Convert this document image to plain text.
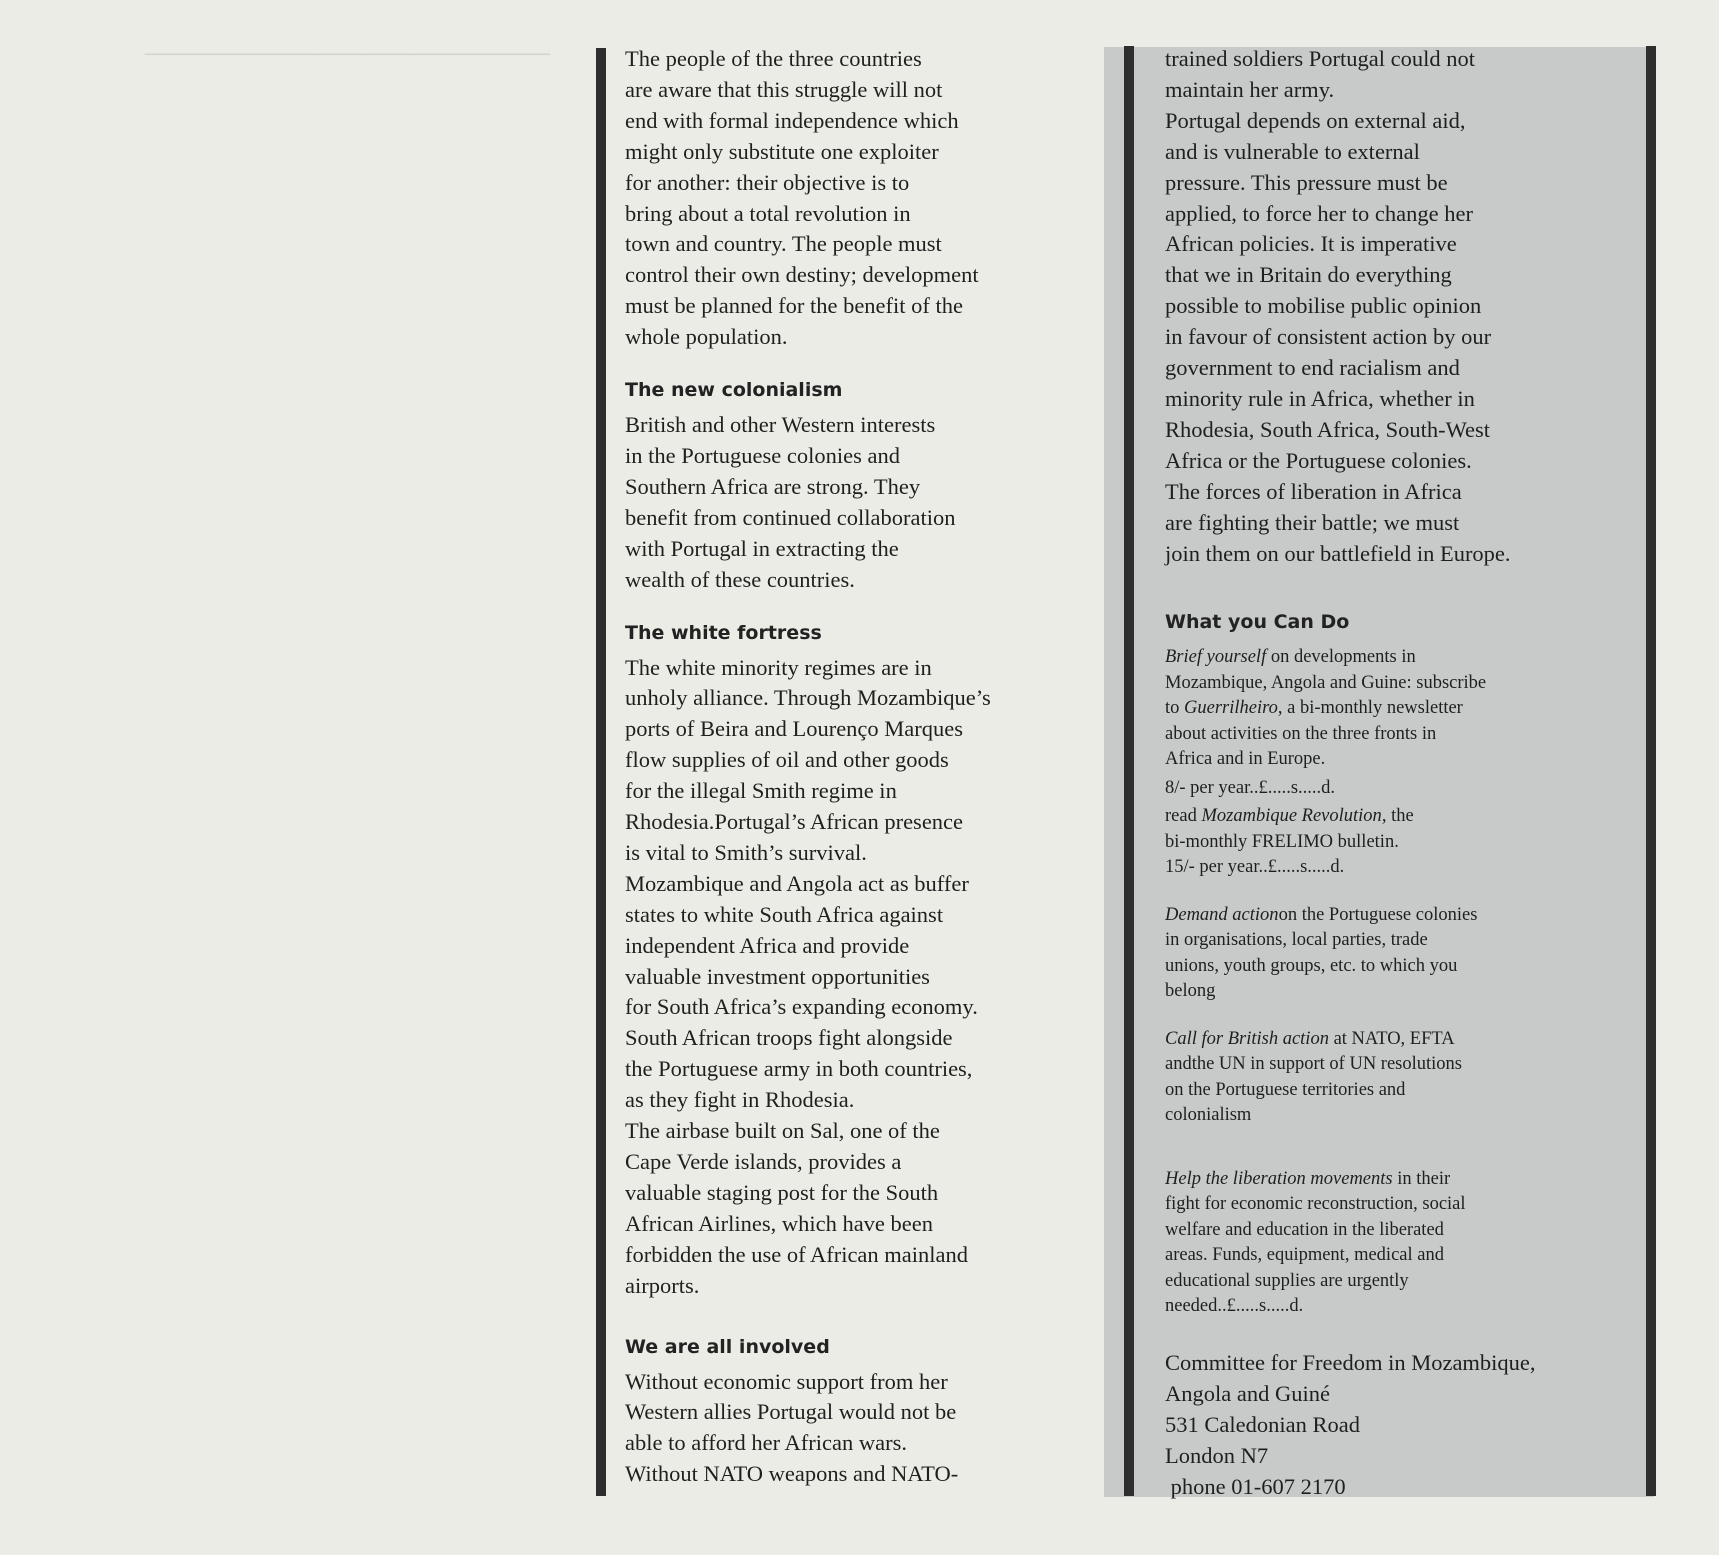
──────────────────────────	The people of the three countries

are aware that this struggle will not

end with formal independence which

might only substitute one exploiter

for another: their objective is to

bring about a total revolution in

town and country. The people must

control their own destiny; development

must be planned for the benefit of the

whole population.

The new colonialism

British and other Western interests

in the Portuguese colonies and

Southern Africa are strong. They

benefit from continued collaboration

with Portugal in extracting the

wealth of these countries.

The white fortress

The white minority regimes are in

unholy alliance. Through Mozambique’s

ports of Beira and Lourenço Marques

flow supplies of oil and other goods

for the illegal Smith regime in

Rhodesia.Portugal’s African presence

is vital to Smith’s survival.

Mozambique and Angola act as buffer

states to white South Africa against

independent Africa and provide

valuable investment opportunities

for South Africa’s expanding economy.

South African troops fight alongside

the Portuguese army in both countries,

as they fight in Rhodesia.

The airbase built on Sal, one of the

Cape Verde islands, provides a

valuable staging post for the South

African Airlines, which have been

forbidden the use of African mainland

airports.

We are all involved

Without economic support from her

Western allies Portugal would not be

able to afford her African wars.

Without NATO weapons and NATO-

trained soldiers Portugal could not

maintain her army.

Portugal depends on external aid,

and is vulnerable to external

pressure. This pressure must be

applied, to force her to change her

African policies. It is imperative

that we in Britain do everything

possible to mobilise public opinion

in favour of consistent action by our

government to end racialism and

minority rule in Africa, whether in

Rhodesia, South Africa, South-West

Africa or the Portuguese colonies.

The forces of liberation in Africa

are fighting their battle; we must

join them on our battlefield in Europe.

What you Can Do

Brief yourself on developments in

Mozambique, Angola and Guine: subscribe

to Guerrilheiro, a bi-monthly newsletter

about activities on the three fronts in

Africa and in Europe.

8/- per year..£.....s.....d.

read Mozambique Revolution, the

bi-monthly FRELIMO bulletin.

15/- per year..£.....s.....d.

Demand actionon the Portuguese colonies

in organisations, local parties, trade

unions, youth groups, etc. to which you

belong

Call for British action at NATO, EFTA

andthe UN in support of UN resolutions

on the Portuguese territories and

colonialism

Help the liberation movements in their

fight for economic reconstruction, social

welfare and education in the liberated

areas. Funds, equipment, medical and

educational supplies are urgently

needed..£.....s.....d.

Committee for Freedom in Mozambique,

Angola and Guiné

531 Caledonian Road

London N7

phone 01-607 2170
